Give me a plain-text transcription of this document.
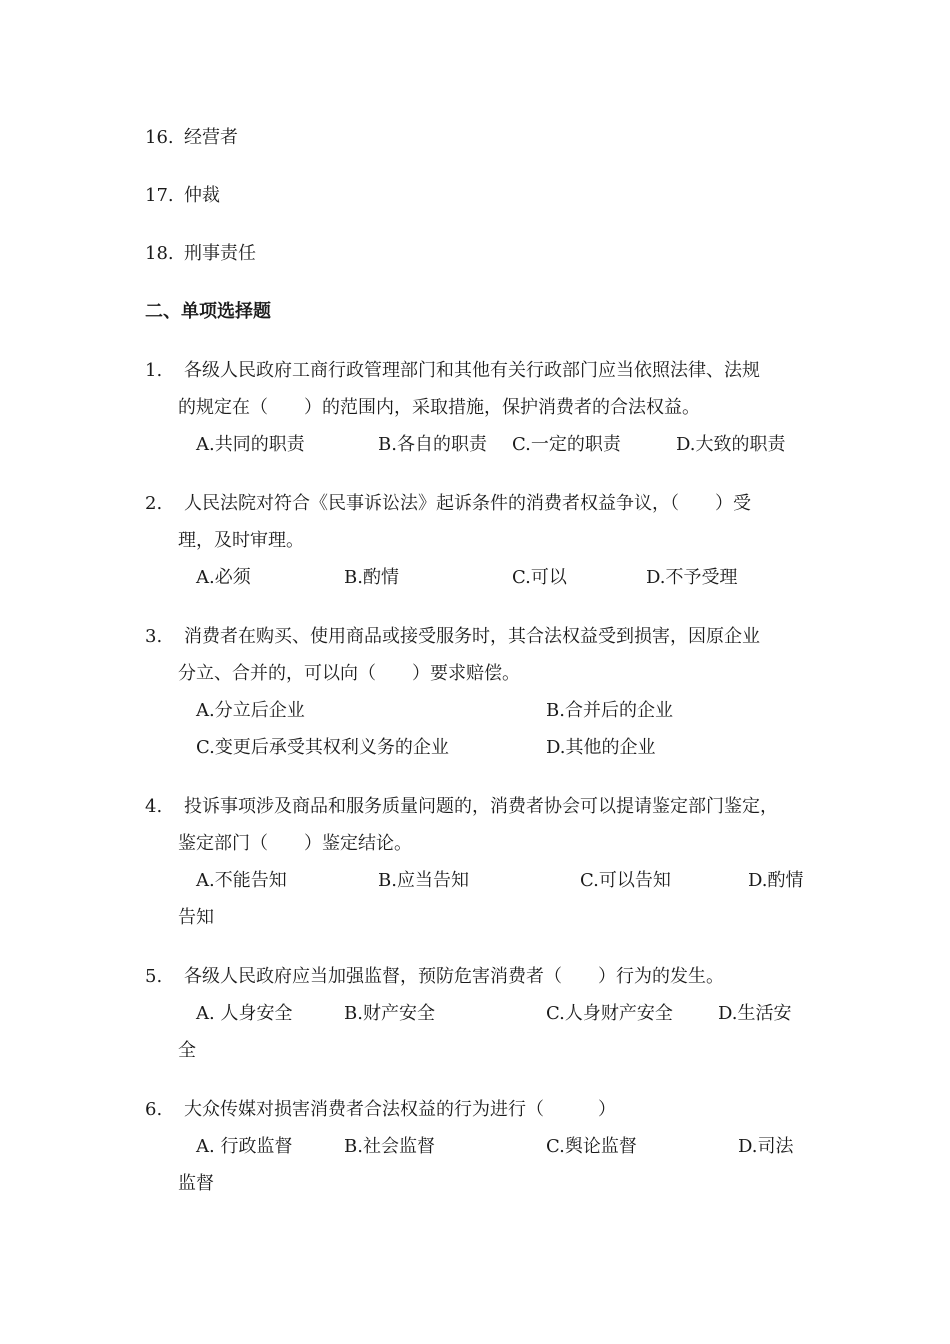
16. 经营者
17. 仲裁
18. 刑事责任
二、单项选择题
1. 各级人民政府工商行政管理部门和其他有关行政部门应当依照法律、法规
的规定在（　　）的范围内，采取措施，保护消费者的合法权益。
A.共同的职责	B.各自的职责 C.一定的职责	D.大致的职责
2. 人民法院对符合《民事诉讼法》起诉条件的消费者权益争议，（　　）受
理，及时审理。
A.必须	B.酌情	C.可以	D.不予受理
3. 消费者在购买、使用商品或接受服务时，其合法权益受到损害，因原企业
分立、合并的，可以向（　　）要求赔偿。
A.分立后企业	B.合并后的企业
C.变更后承受其权利义务的企业	D.其他的企业
4. 投诉事项涉及商品和服务质量问题的，消费者协会可以提请鉴定部门鉴定，
鉴定部门（　　）鉴定结论。
A.不能告知	B.应当告知	C.可以告知	D.酌情
告知
5. 各级人民政府应当加强监督，预防危害消费者（　　）行为的发生。
A. 人身安全	B.财产安全	C.人身财产安全	D.生活安
全
6. 大众传媒对损害消费者合法权益的行为进行（　　　）
A. 行政监督	B.社会监督	C.舆论监督	D.司法
监督
